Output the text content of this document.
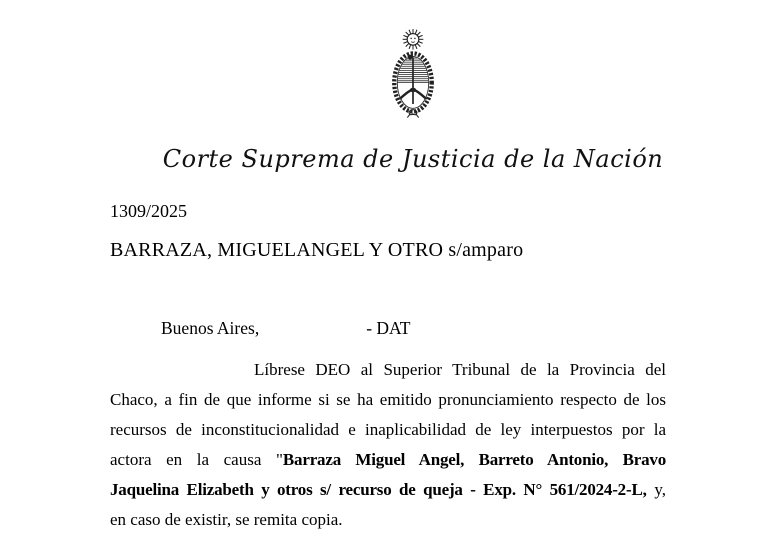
Corte Suprema de Justicia de la Nación
1309/2025
BARRAZA, MIGUELANGEL Y OTRO s/amparo
Buenos Aires,	- DAT
Líbrese DEO al Superior Tribunal de la Provincia del
Chaco, a fin de que informe si se ha emitido pronunciamiento respecto de los
recursos de inconstitucionalidad e inaplicabilidad de ley interpuestos por la
actora en la causa "Barraza Miguel Angel, Barreto Antonio, Bravo
Jaquelina Elizabeth y otros s/ recurso de queja - Exp. N° 561/2024-2-L, y,
en caso de existir, se remita copia.
